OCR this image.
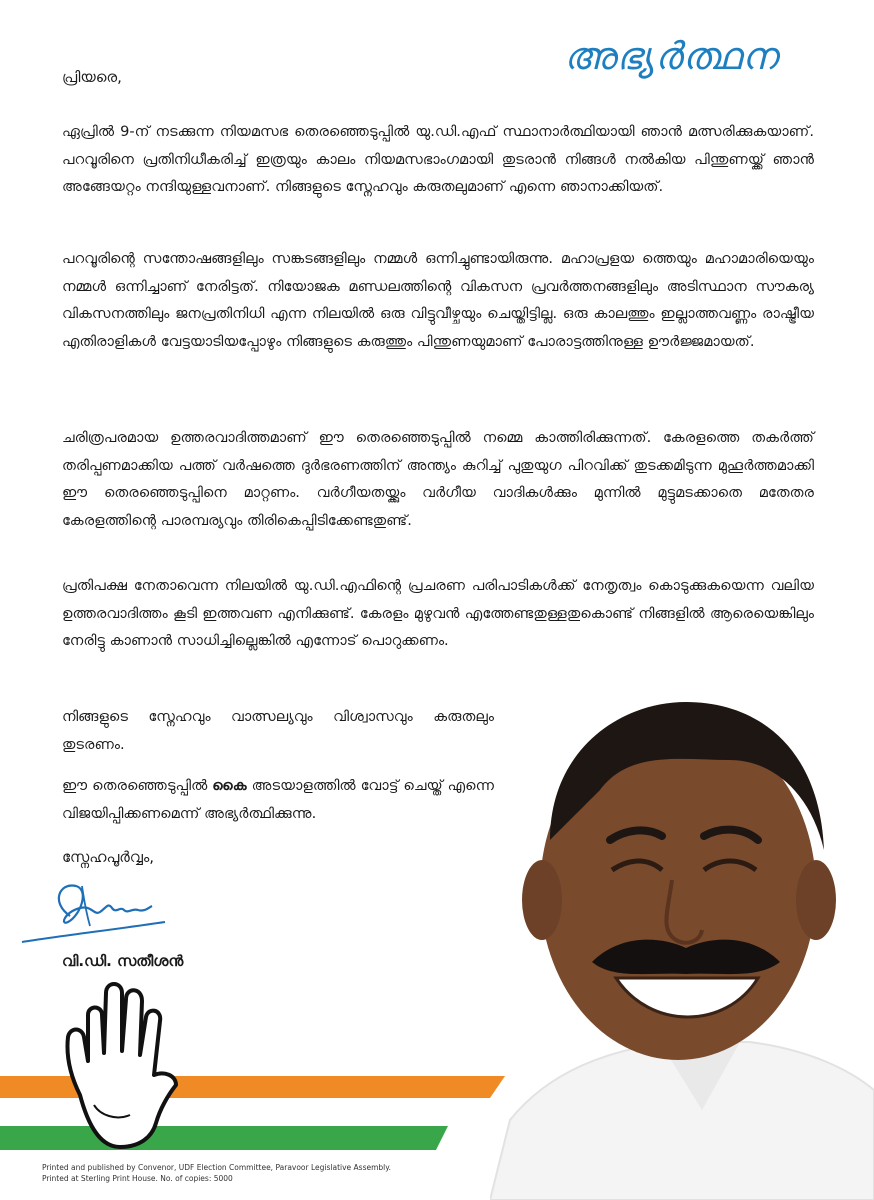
അഭ്യർത്ഥന
പ്രിയരെ,

ഏപ്രിൽ 9-ന് നടക്കുന്ന നിയമസഭ തെരഞ്ഞെടുപ്പിൽ യു.ഡി.എഫ് സ്ഥാനാർത്ഥിയായി ഞാൻ മത്സരിക്കുകയാണ്. പറവൂരിനെ പ്രതിനിധീകരിച്ച് ഇത്രയും കാലം നിയമസഭാംഗമായി തുടരാൻ നിങ്ങൾ നൽകിയ പിന്തുണയ്ക്ക് ഞാൻ അങ്ങേയറ്റം നന്ദിയുള്ളവനാണ്. നിങ്ങളുടെ സ്നേഹവും കരുതലുമാണ് എന്നെ ഞാനാക്കിയത്.

പറവൂരിന്റെ സന്തോഷങ്ങളിലും സങ്കടങ്ങളിലും നമ്മൾ ഒന്നിച്ചുണ്ടായിരുന്നു. മഹാപ്രളയ ത്തെയും മഹാമാരിയെയും നമ്മൾ ഒന്നിച്ചാണ് നേരിട്ടത്. നിയോജക മണ്ഡലത്തിന്റെ വികസന പ്രവർത്തനങ്ങളിലും അടിസ്ഥാന സൗകര്യ വികസനത്തിലും ജനപ്രതിനിധി എന്ന നിലയിൽ ഒരു വിട്ടുവീഴ്ചയും ചെയ്തിട്ടില്ല. ഒരു കാലത്തും ഇല്ലാത്തവണ്ണം രാഷ്ട്രീയ എതിരാളികൾ വേട്ടയാടിയപ്പോഴും നിങ്ങളുടെ കരുത്തും പിന്തുണയുമാണ് പോരാട്ടത്തിനുള്ള ഊർജ്ജമായത്.

ചരിത്രപരമായ ഉത്തരവാദിത്തമാണ് ഈ തെരഞ്ഞെടുപ്പിൽ നമ്മെ കാത്തിരിക്കുന്നത്. കേരളത്തെ തകർത്ത് തരിപ്പണമാക്കിയ പത്ത് വർഷത്തെ ദുർഭരണത്തിന് അന്ത്യം കുറിച്ച് പുതുയുഗ പിറവിക്ക് തുടക്കമിടുന്ന മുഹൂർത്തമാക്കി ഈ തെരഞ്ഞെടുപ്പിനെ മാറ്റണം. വർഗീയതയ്ക്കും വർഗീയ വാദികൾക്കും മുന്നിൽ മുട്ടുമടക്കാതെ മതേതര കേരളത്തിന്റെ പാരമ്പര്യവും തിരികെപ്പിടിക്കേണ്ടതുണ്ട്.

പ്രതിപക്ഷ നേതാവെന്ന നിലയിൽ യു.ഡി.എഫിന്റെ പ്രചരണ പരിപാടികൾക്ക് നേതൃത്വം കൊടുക്കുകയെന്ന വലിയ ഉത്തരവാദിത്തം കൂടി ഇത്തവണ എനിക്കുണ്ട്. കേരളം മുഴുവൻ എത്തേണ്ടതുള്ളതുകൊണ്ട് നിങ്ങളിൽ ആരെയെങ്കിലും നേരിട്ടു കാണാൻ സാധിച്ചില്ലെങ്കിൽ എന്നോട് പൊറുക്കണം.

നിങ്ങളുടെ സ്നേഹവും വാത്സല്യവും വിശ്വാസവും കരുതലും തുടരണം.

ഈ തെരഞ്ഞെടുപ്പിൽ കൈ അടയാളത്തിൽ വോട്ട് ചെയ്ത് എന്നെ വിജയിപ്പിക്കണമെന്ന് അഭ്യർത്ഥിക്കുന്നു.

സ്നേഹപൂർവ്വം,
വി.ഡി. സതീശൻ
Printed and published by Convenor, UDF Election Committee, Paravoor Legislative Assembly.
Printed at Sterling Print House. No. of copies: 5000
